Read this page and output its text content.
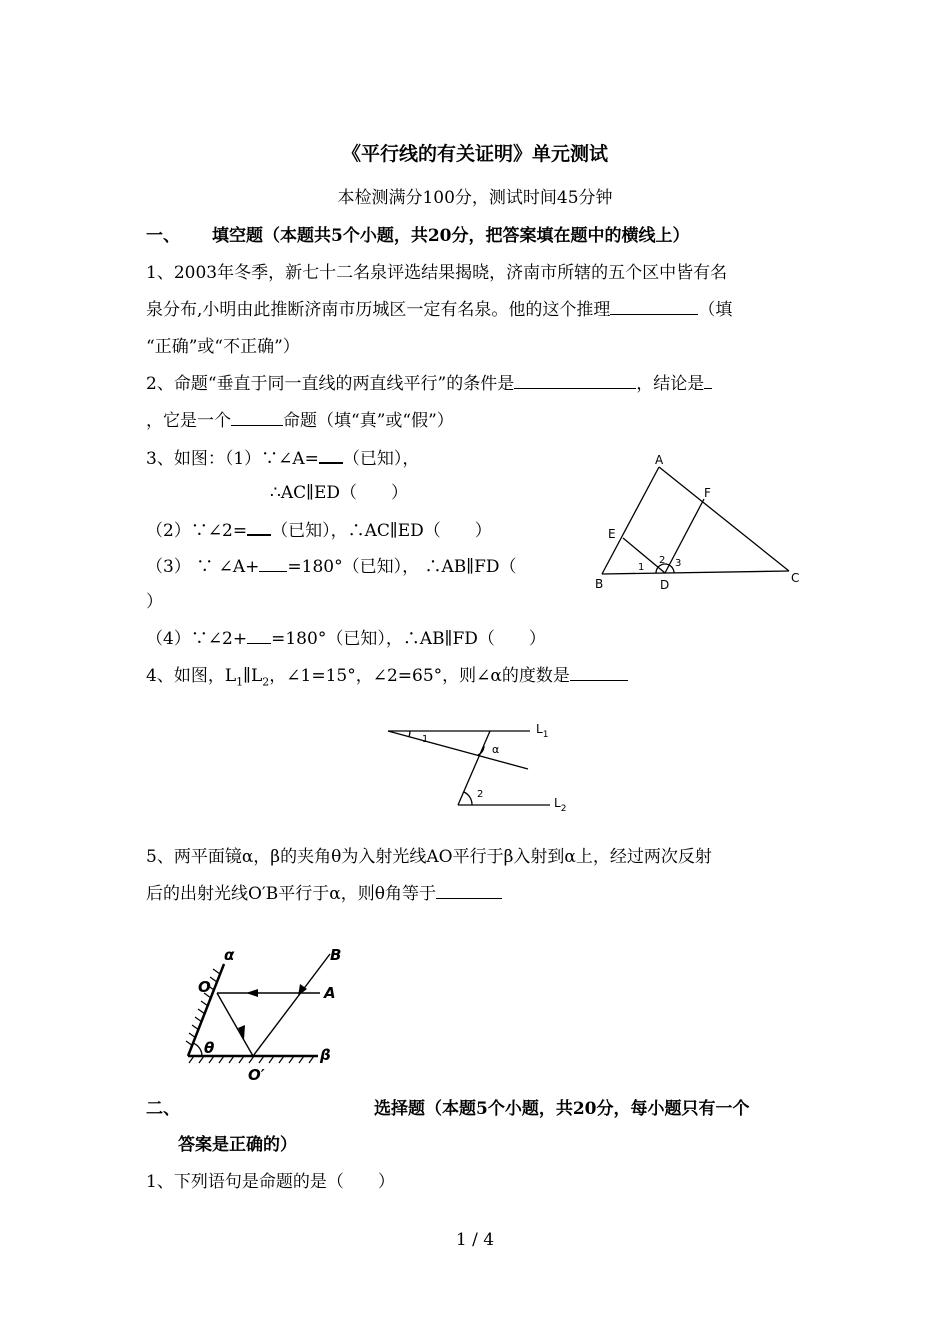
《平行线的有关证明》单元测试
本检测满分100分，测试时间45分钟
一、 填空题（本题共5个小题，共20分，把答案填在题中的横线上）
1、2003年冬季，新七十二名泉评选结果揭晓，济南市所辖的五个区中皆有名
泉分布,小明由此推断济南市历城区一定有名泉。他的这个推理	（填
“正确”或“不正确”）
2、命题“垂直于同一直线的两直线平行”的条件是	，结论是
，它是一个	命题（填“真”或“假”）
3、如图：（1）∵∠A= （已知），
∴AC∥ED（　　）
（2）∵∠2= （已知），∴AC∥ED（　　）
（3） ∵ ∠A+ =180°（已知）， ∴AB∥FD（
）
（4）∵∠2+ =180°（已知），∴AB∥FD（　　）
A
F
E
B	D	C
1
2 3
4、如图，$L_1\parallel L_2$，∠1=15°，∠2=65°，则∠α的度数是
$L_1$
$L_2$
1
2
α
5、两平面镜α，β的夹角θ为入射光线AO平行于β入射到α上，经过两次反射
后的出射光线O′B平行于α，则θ角等于
α	B
O	A
θ	β
O′
二、	选择题（本题5个小题，共20分，每小题只有一个
答案是正确的）
1、下列语句是命题的是（　　）
1 / 4
